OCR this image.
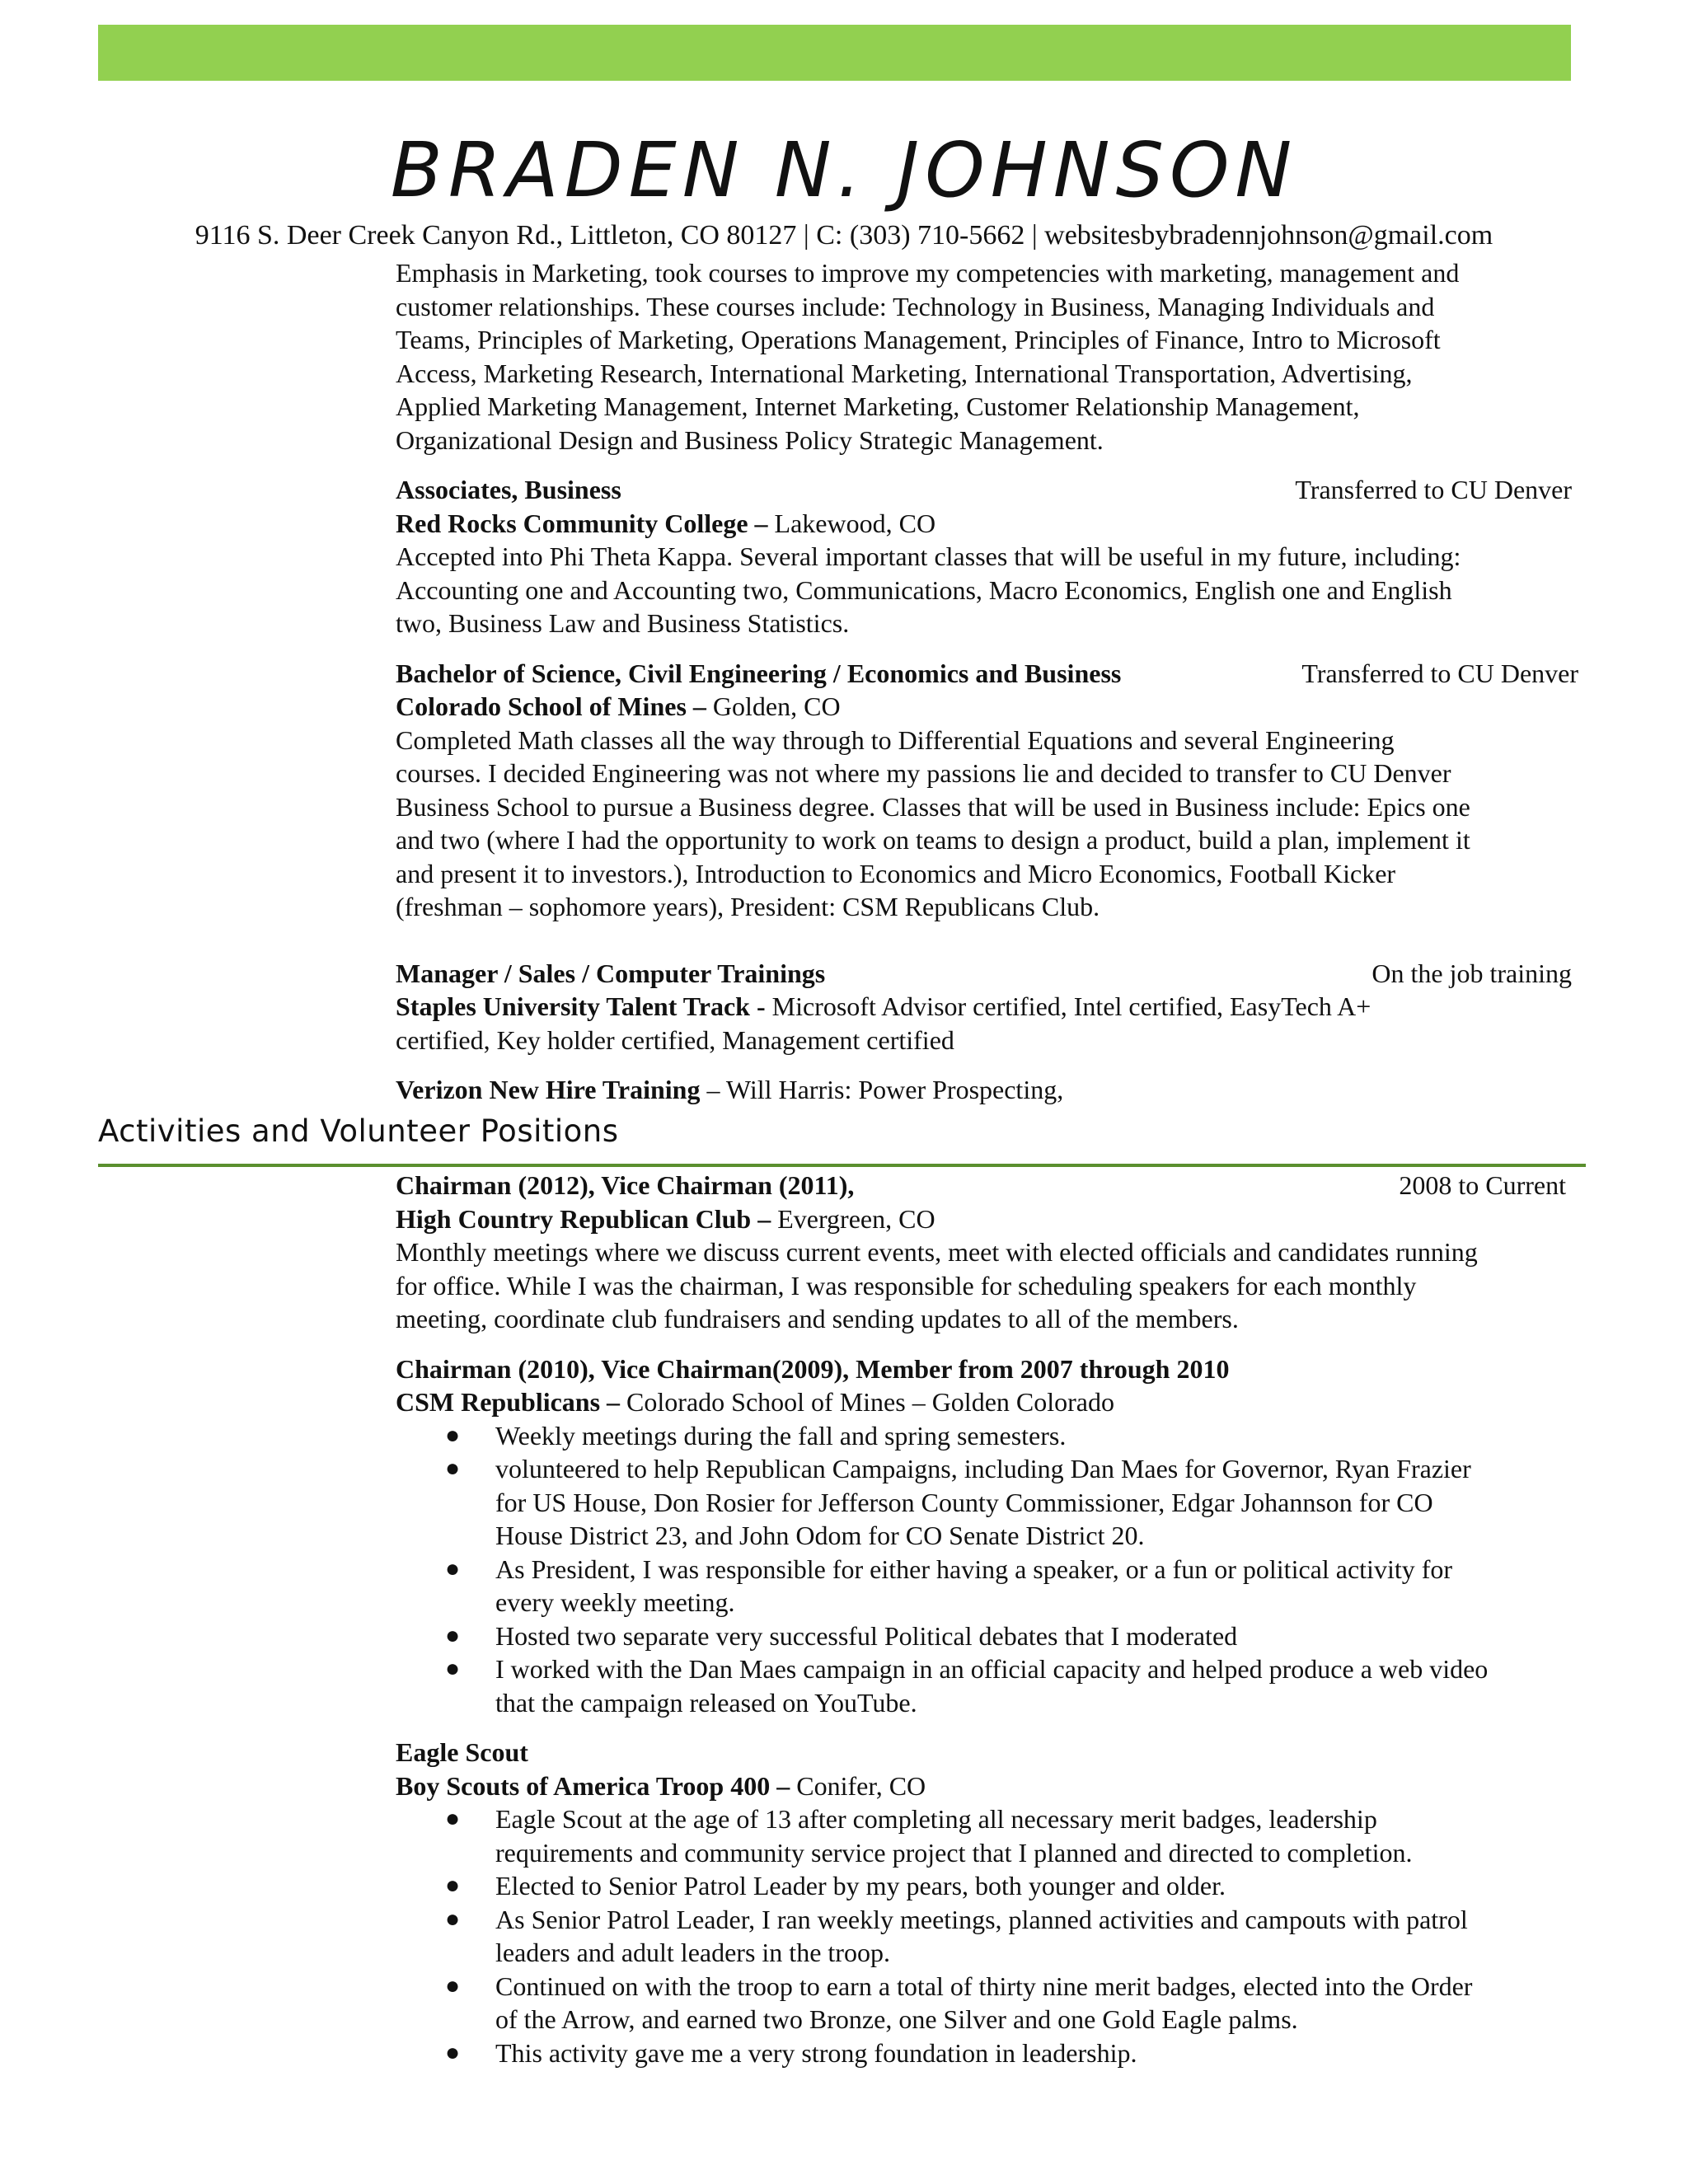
BRADEN N. JOHNSON
9116 S. Deer Creek Canyon Rd., Littleton, CO 80127 | C: (303) 710-5662 | websitesbybradennjohnson@gmail.com

Emphasis in Marketing, took courses to improve my competencies with marketing, management and

customer relationships. These courses include: Technology in Business, Managing Individuals and

Teams, Principles of Marketing, Operations Management, Principles of Finance, Intro to Microsoft

Access, Marketing Research, International Marketing, International Transportation, Advertising,

Applied Marketing Management, Internet Marketing, Customer Relationship Management,

Organizational Design and Business Policy Strategic Management.

Associates, Business	Transferred to CU Denver

Red Rocks Community College – Lakewood, CO

Accepted into Phi Theta Kappa. Several important classes that will be useful in my future, including:

Accounting one and Accounting two, Communications, Macro Economics, English one and English

two, Business Law and Business Statistics.

Bachelor of Science, Civil Engineering / Economics and Business	Transferred to CU Denver

Colorado School of Mines – Golden, CO

Completed Math classes all the way through to Differential Equations and several Engineering

courses. I decided Engineering was not where my passions lie and decided to transfer to CU Denver

Business School to pursue a Business degree. Classes that will be used in Business include: Epics one

and two (where I had the opportunity to work on teams to design a product, build a plan, implement it

and present it to investors.), Introduction to Economics and Micro Economics, Football Kicker

(freshman – sophomore years), President: CSM Republicans Club.

Manager / Sales / Computer Trainings	On the job training

Staples University Talent Track - Microsoft Advisor certified, Intel certified, EasyTech A+

certified, Key holder certified, Management certified

Verizon New Hire Training – Will Harris: Power Prospecting,

Activities and Volunteer Positions
Chairman (2012), Vice Chairman (2011),	2008 to Current

High Country Republican Club – Evergreen, CO

Monthly meetings where we discuss current events, meet with elected officials and candidates running

for office. While I was the chairman, I was responsible for scheduling speakers for each monthly

meeting, coordinate club fundraisers and sending updates to all of the members.

Chairman (2010), Vice Chairman(2009), Member from 2007 through 2010

CSM Republicans – Colorado School of Mines – Golden Colorado

● Weekly meetings during the fall and spring semesters.
● volunteered to help Republican Campaigns, including Dan Maes for Governor, Ryan Frazier
for US House, Don Rosier for Jefferson County Commissioner, Edgar Johannson for CO
House District 23, and John Odom for CO Senate District 20.
● As President, I was responsible for either having a speaker, or a fun or political activity for
every weekly meeting.
● Hosted two separate very successful Political debates that I moderated
● I worked with the Dan Maes campaign in an official capacity and helped produce a web video
that the campaign released on YouTube.

Eagle Scout

Boy Scouts of America Troop 400 – Conifer, CO

● Eagle Scout at the age of 13 after completing all necessary merit badges, leadership
requirements and community service project that I planned and directed to completion.
● Elected to Senior Patrol Leader by my pears, both younger and older.
● As Senior Patrol Leader, I ran weekly meetings, planned activities and campouts with patrol
leaders and adult leaders in the troop.
● Continued on with the troop to earn a total of thirty nine merit badges, elected into the Order
of the Arrow, and earned two Bronze, one Silver and one Gold Eagle palms.
● This activity gave me a very strong foundation in leadership.
